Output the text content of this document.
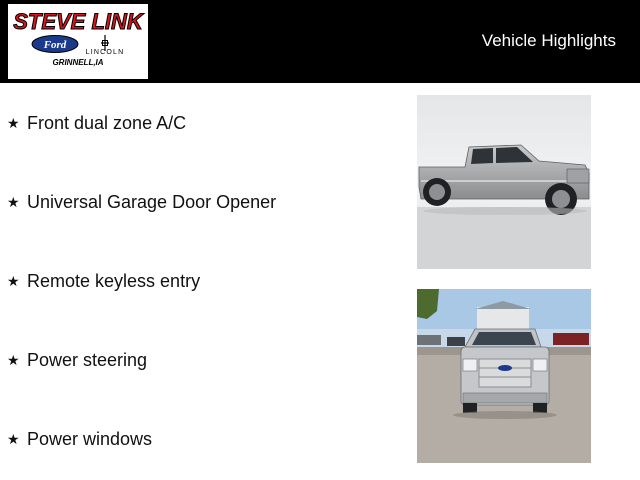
STEVE LINK
Ford
LINCOLN
GRINNELL,IA
Vehicle Highlights
★ Front dual zone A/C
★ Universal Garage Door Opener
★ Remote keyless entry
★ Power steering
★ Power windows
